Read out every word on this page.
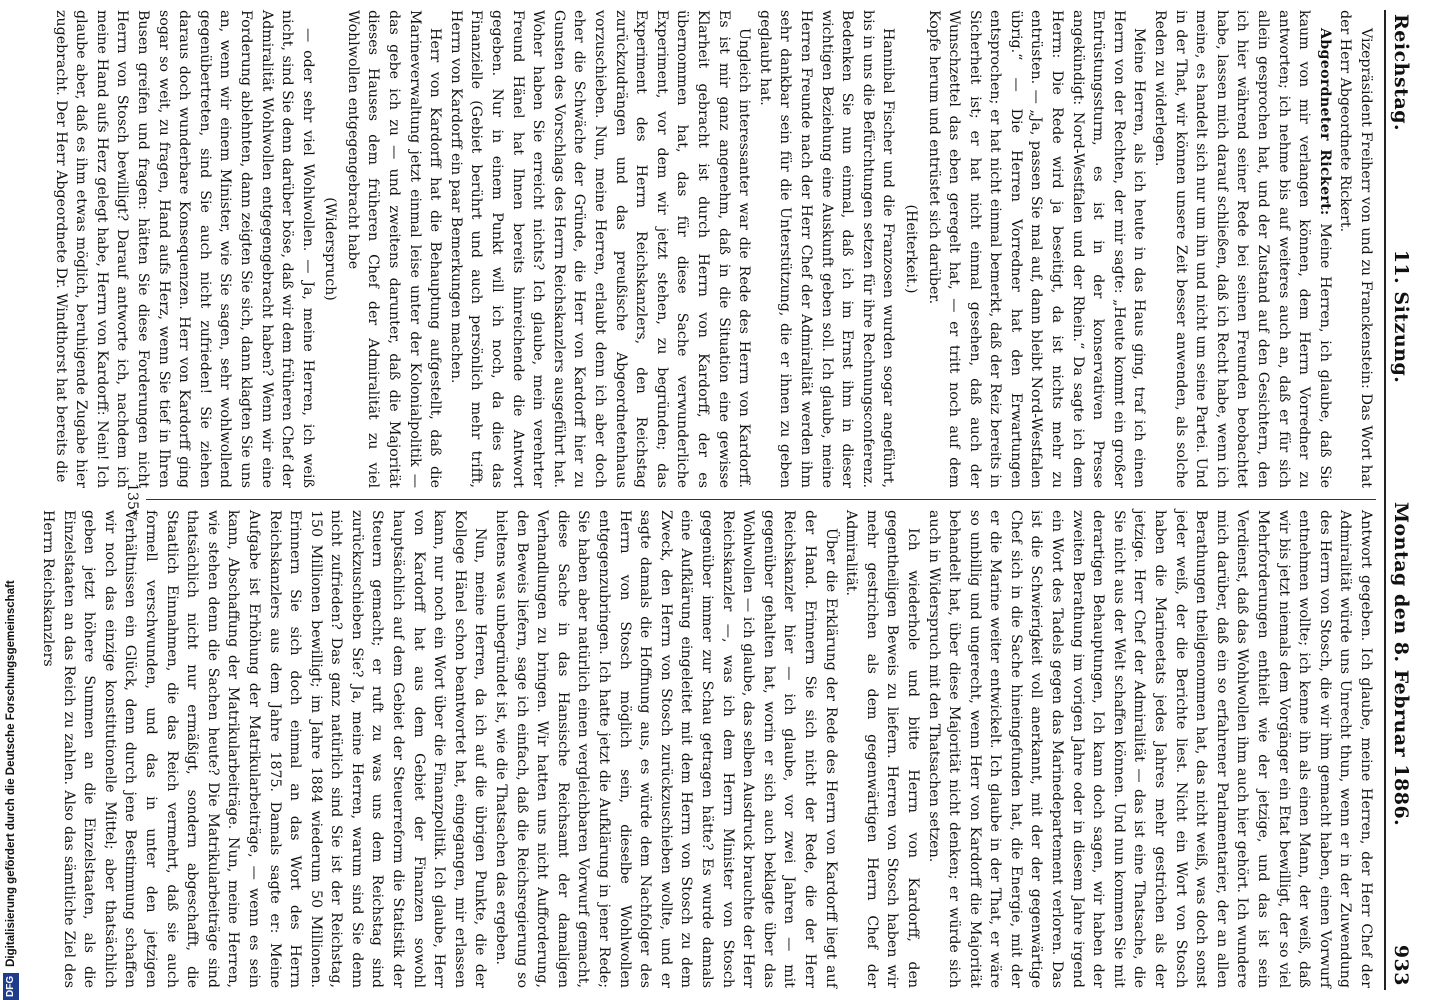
Reichstag.
11. Sitzung.
Montag den 8. Februar 1886.
933

Vizepräsident Freiherr von und zu Franckenstein: Das Wort hat der Herr Abgeordnete Rickert.

Abgeordneter Rickert: Meine Herren, ich glaube, daß Sie kaum von mir verlangen können, dem Herrn Vorredner zu antworten; ich nehme bis auf weiteres auch an, daß er für sich allein gesprochen hat, und der Zustand auf den Gesichtern, den ich hier während seiner Rede bei seinen Freunden beobachtet habe, lassen mich darauf schließen, daß ich Recht habe, wenn ich meine, es handelt sich nur um ihn und nicht um seine Partei. Und in der That, wir können unsere Zeit besser anwenden, als solche Reden zu widerlegen.

Meine Herren, als ich heute in das Haus ging, traf ich einen Herrn von der Rechten, der mir sagte: „Heute kommt ein großer Entrüstungssturm, es ist in der konservativen Presse angekündigt: Nord-Westfalen und der Rhein.“ Da sagte ich dem Herrn: Die Rede wird ja beseitigt, da ist nichts mehr zu entrüsten. — „Ja, passen Sie mal auf, dann bleibt Nord-Westfalen übrig.“ — Die Herren Vorredner hat den Erwartungen entsprochen; er hat nicht einmal bemerkt, daß der Reiz bereits in Sicherheit ist; er hat nicht einmal gesehen, daß auch der Wunschzettel das eben geregelt hat, — er tritt noch auf dem Kopfe herum und entrüstet sich darüber.

(Heiterkeit.)

Hannibal Fischer und die Franzosen wurden sogar angeführt, bis in uns die Befürchtungen setzen für ihre Rechnungsconferenz. Bedenken Sie nun einmal, daß ich im Ernst ihm in dieser wichtigen Beziehung eine Auskunft geben soll. Ich glaube, meine Herren Freunde nach der Herr Chef der Admiralität werden ihm sehr dankbar sein für die Unterstützung, die er ihnen zu geben geglaubt hat.

Ungleich interessanter war die Rede des Herrn von Kardorff. Es ist mir ganz angenehm, daß in die Situation eine gewisse Klarheit gebracht ist durch Herrn von Kardorff, der es übernommen hat, das für diese Sache verwunderliche Experiment, vor dem wir jetzt stehen, zu begründen; das Experiment des Herrn Reichskanzlers, den Reichstag zurückzudrängen und das preußische Abgeordnetenhaus vorzuschieben. Nun, meine Herren, erlaubt denn ich aber doch eher die Schwäche der Gründe, die Herr von Kardorff hier zu Gunsten des Vorschlags des Herrn Reichskanzlers ausgeführt hat. Woher haben Sie erreicht nichts? Ich glaube, mein verehrter Freund Hänel hat Ihnen bereits hinreichende die Antwort gegeben. Nur in einem Punkt will ich noch, da dies das Finanzielle (Gebiet berührt und auch persönlich mehr trifft, Herrn von Kardorff ein paar Bemerkungen machen.

Herr von Kardorff hat die Behauptung aufgestellt, daß die Marineverwaltung jetzt einmal leise unter der Kolonialpolitik — das gebe ich zu — und zweitens darunter, daß die Majorität dieses Hauses dem früheren Chef der Admiralität zu viel Wohlwollen entgegengebracht habe

(Widerspruch)

— oder sehr viel Wohlwollen. — Ja, meine Herren, ich weiß nicht, sind Sie denn darüber böse, daß wir dem früheren Chef der Admiralität Wohlwollen entgegengebracht haben? Wenn wir eine Forderung ablehnten, dann zeigten Sie sich, dann klagten Sie uns an, wenn wir einem Minister, wie Sie sagen, sehr wohlwollend gegenübertreten, sind Sie auch nicht zufrieden! Sie ziehen daraus doch wunderbare Konsequenzen. Herr von Kardorff ging sogar so weit, zu fragen, Hand aufs Herz, wenn Sie tief in Ihren Busen greifen und fragen: hätten Sie diese Forderungen nicht Herrn von Stosch bewilligt? Darauf antworte ich, nachdem ich meine Hand aufs Herz gelegt habe, Herrn von Kardorff: Nein! Ich glaube aber, daß es ihm etwas möglich, beruhigende Zugabe hier zugebracht. Der Herr Abgeordnete Dr. Windthorst hat bereits die

Antwort gegeben. Ich glaube, meine Herren, der Herr Chef der Admiralität würde uns Unrecht thun, wenn er in der Zuwendung des Herrn von Stosch, die wir ihm gemacht haben, einen Vorwurf entnehmen wollte; ich kenne ihn als einen Mann, der weiß, daß wir bis jetzt niemals dem Vorgänger ein Etat bewilligt, der so viel Mehrforderungen enthielt wie der jetzige, und das ist sein Verdienst, daß das Wohlwollen ihm auch hier gehört. Ich wundere mich darüber, daß ein so erfahrener Parlamentarier, der an allen Berathungen theilgenommen hat, das nicht weiß, was doch sonst jeder weiß, der die Berichte liest. Nicht ein Wort von Stosch haben die Marineetats jedes Jahres mehr gestrichen als der jetzige. Herr Chef der Admiralität — das ist eine Thatsache, die Sie nicht aus der Welt schaffen können. Und nun kommen Sie mit derartigen Behauptungen, Ich kann doch sagen, wir haben der zweiten Berathung im vorigen Jahre oder in diesem Jahre irgend ein Wort des Tadels gegen das Marinedepartement verloren. Das ist die Schwierigkeit voll anerkannt, mit der der gegenwärtige Chef sich in die Sache hineingefunden hat, die Energie, mit der er die Marine weiter entwickelt. Ich glaube in der That, er wäre so unbillig und ungerecht, wenn Herr von Kardorff die Majorität behandelt hat, über diese Majorität nicht denken; er würde sich auch in Widerspruch mit den Thatsachen setzen.

Ich wiederhole und bitte Herrn von Kardorff, den gegentheiligen Beweis zu liefern. Herren von Stosch haben wir mehr gestrichen als dem gegenwärtigen Herrn Chef der Admiralität.

Über die Erklärung der Rede des Herrn von Kardorff liegt auf der Hand. Erinnern Sie sich nicht der Rede, die der Herr Reichskanzler hier — ich glaube, vor zwei Jahren — mit gegenüber gehalten hat, worin er sich auch beklagte über das Wohlwollen — ich glaube, das selben Ausdruck brauchte der Herr Reichskanzler —, was ich dem Herrn Minister von Stosch gegenüber immer zur Schau getragen hätte? Es wurde damals eine Aufklärung eingeleitet mit dem Herrn von Stosch zu dem Zweck, den Herrn von Stosch zurückzuschieben wollte, und er sagte damals die Hoffnung aus, es würde dem Nachfolger des Herrn von Stosch möglich sein, dieselbe Wohlwollen entgegenzubringen. Ich hatte jetzt die Aufklärung in jener Rede; Sie haben aber natürlich einen vergleichbaren Vorwurf gemacht, diese Sache in das Hansische Reichsamt der damaligen Verhandlungen zu bringen. Wir hatten uns nicht Aufforderung, den Beweis liefern, sage ich einfach, daß die Reichsregierung so hieltens was unbegründet ist, wie die Thatsachen das ergeben.

Nun, meine Herren, da ich auf die übrigen Punkte, die der Kollege Hänel schon beantwortet hat, eingegangen, mir erlassen kann, nur noch ein Wort über die Finanzpolitik. Ich glaube, Herr von Kardorff hat aus dem Gebiet der Finanzen sowohl hauptsächlich auf dem Gebiet der Steuerreform die Statistik der Steuern gemacht; er ruft zu was uns dem Reichstag sind zurückzuschieben Sie? Ja, meine Herren, warum sind Sie denn nicht zufrieden? Das ganz natürlich sind Sie ist der Reichstag, 150 Millionen bewilligt; im Jahre 1884 wiederum 50 Millionen. Erinnern Sie sich doch einmal an das Wort des Herrn Reichskanzlers aus dem Jahre 1875. Damals sagte er: Meine Aufgabe ist Erhöhung der Matrikularbeiträge, — wenn es sein kann, Abschaffung der Matrikularbeiträge. Nun, meine Herren, wie stehen denn die Sachen heute? Die Matrikularbeiträge sind thatsächlich nicht nur ermäßigt, sondern abgeschafft, die Staatlich Einnahmen, die das Reich vermehrt, daß sie auch formell verschwunden, und das in unter den jetzigen Verhältnissen ein Glück, denn durch jene Bestimmung schaffen wir noch das einzige konstitutionelle Mittel; aber thatsächlich geben jetzt höhere Summen an die Einzelstaaten, als die Einzelstaaten an das Reich zu zahlen. Also das sämtliche Ziel des Herrn Reichskanzlers

135*
DFGDigitalisierung gefördert durch die Deutsche Forschungsgemeinschaft
